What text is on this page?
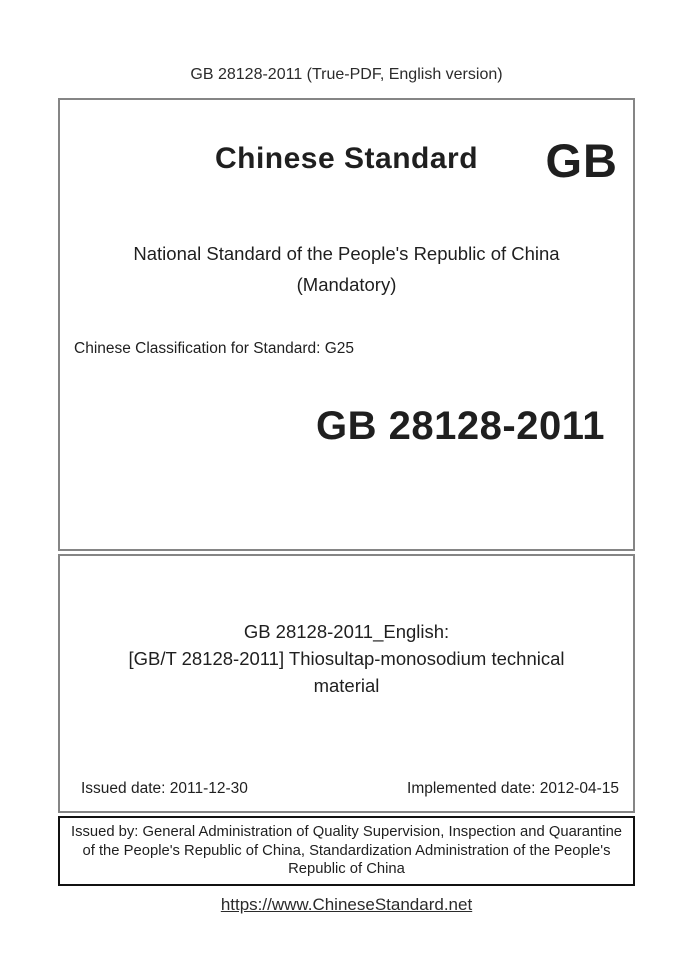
GB 28128-2011 (True-PDF, English version)
Chinese Standard GB
National Standard of the People's Republic of China
(Mandatory)
Chinese Classification for Standard: G25
GB 28128-2011
GB 28128-2011_English:
[GB/T 28128-2011] Thiosultap-monosodium technical material
Issued date: 2011-12-30	Implemented date: 2012-04-15
Issued by: General Administration of Quality Supervision, Inspection and Quarantine of the People's Republic of China, Standardization Administration of the People's Republic of China
https://www.ChineseStandard.net
